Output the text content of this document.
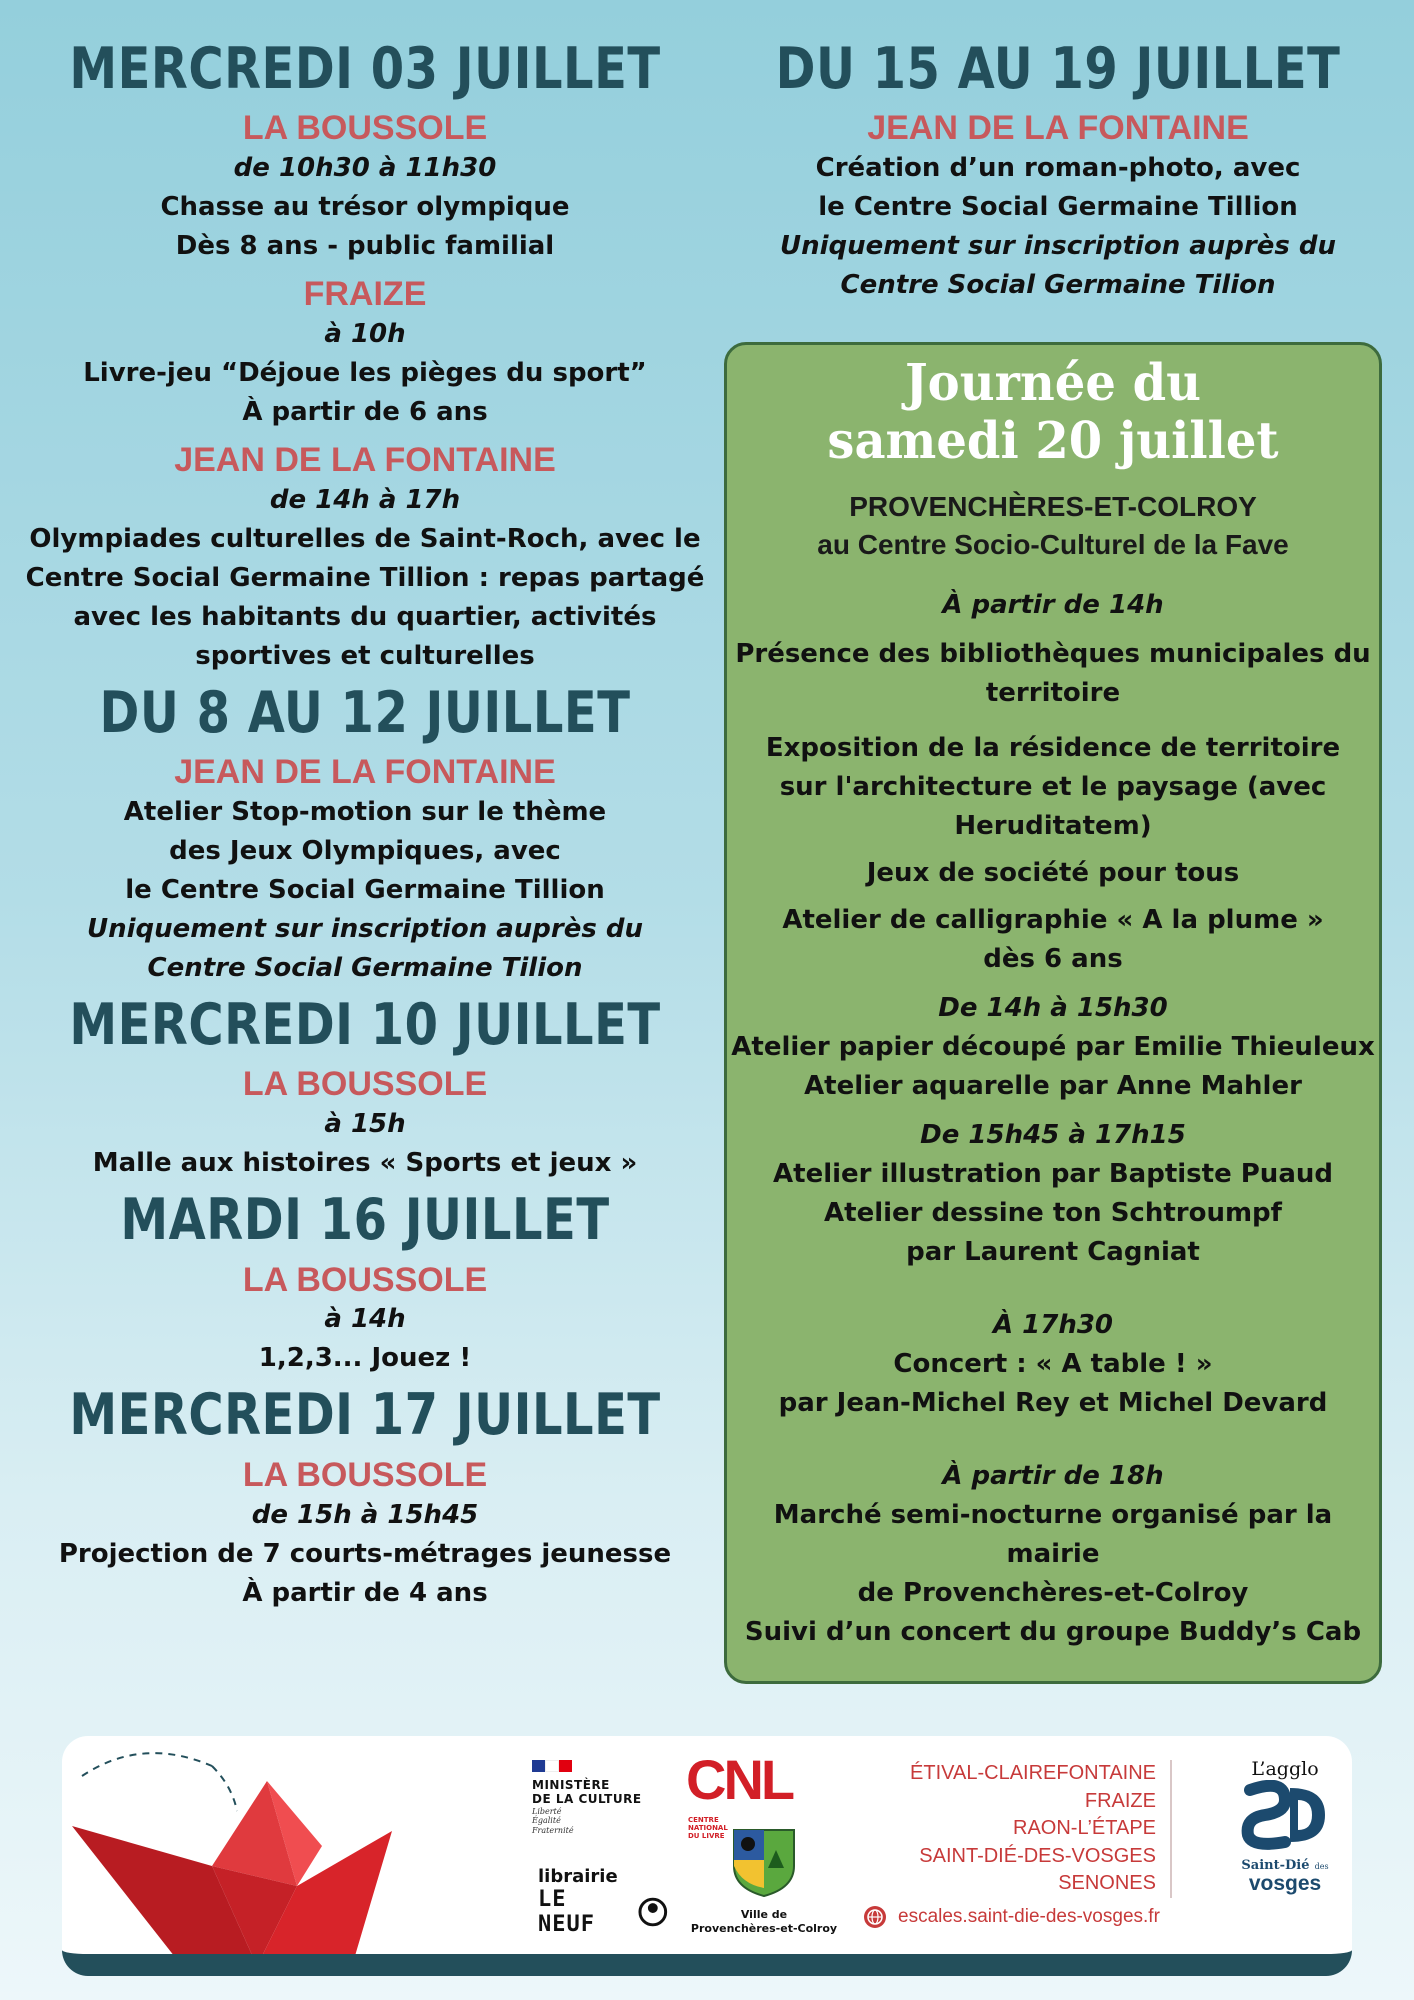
MERCREDI 03 JUILLET
LA BOUSSOLE
de 10h30 à 11h30
Chasse au trésor olympique
Dès 8 ans - public familial
FRAIZE
à 10h
Livre-jeu “Déjoue les pièges du sport”
À partir de 6 ans
JEAN DE LA FONTAINE
de 14h à 17h
Olympiades culturelles de Saint-Roch, avec le
Centre Social Germaine Tillion : repas partagé
avec les habitants du quartier, activités
sportives et culturelles
DU 8 AU 12 JUILLET
JEAN DE LA FONTAINE
Atelier Stop-motion sur le thème
des Jeux Olympiques, avec
le Centre Social Germaine Tillion
Uniquement sur inscription auprès du
Centre Social Germaine Tilion
MERCREDI 10 JUILLET
LA BOUSSOLE
à 15h
Malle aux histoires « Sports et jeux »
MARDI 16 JUILLET
LA BOUSSOLE
à 14h
1,2,3... Jouez !
MERCREDI 17 JUILLET
LA BOUSSOLE
de 15h à 15h45
Projection de 7 courts-métrages jeunesse
À partir de 4 ans
DU 15 AU 19 JUILLET
JEAN DE LA FONTAINE
Création d’un roman-photo, avec
le Centre Social Germaine Tillion
Uniquement sur inscription auprès du
Centre Social Germaine Tilion
Journée du
samedi 20 juillet
PROVENCHÈRES-ET-COLROY
au Centre Socio-Culturel de la Fave
À partir de 14h
Présence des bibliothèques municipales du
territoire
Exposition de la résidence de territoire
sur l'architecture et le paysage (avec
Heruditatem)
Jeux de société pour tous
Atelier de calligraphie « A la plume »
dès 6 ans
De 14h à 15h30
Atelier papier découpé par Emilie Thieuleux
Atelier aquarelle par Anne Mahler
De 15h45 à 17h15
Atelier illustration par Baptiste Puaud
Atelier dessine ton Schtroumpf
par Laurent Cagniat
À 17h30
Concert : « A table ! »
par Jean-Michel Rey et Michel Devard
À partir de 18h
Marché semi-nocturne organisé par la mairie
de Provenchères-et-Colroy
Suivi d’un concert du groupe Buddy’s Cab
MINISTÈRE
DE LA CULTURE
Liberté
Égalité
Fraternité
librairie
LE NEUF
CNL CENTRE
NATIONAL
DU LIVRE
Ville de
Provenchères-et-Colroy
ÉTIVAL-CLAIREFONTAINE
FRAIZE
RAON-L’ÉTAPE
SAINT-DIÉ-DES-VOSGES
SENONES
escales.saint-die-des-vosges.fr
L’agglo
Saint-Dié des
vosges
